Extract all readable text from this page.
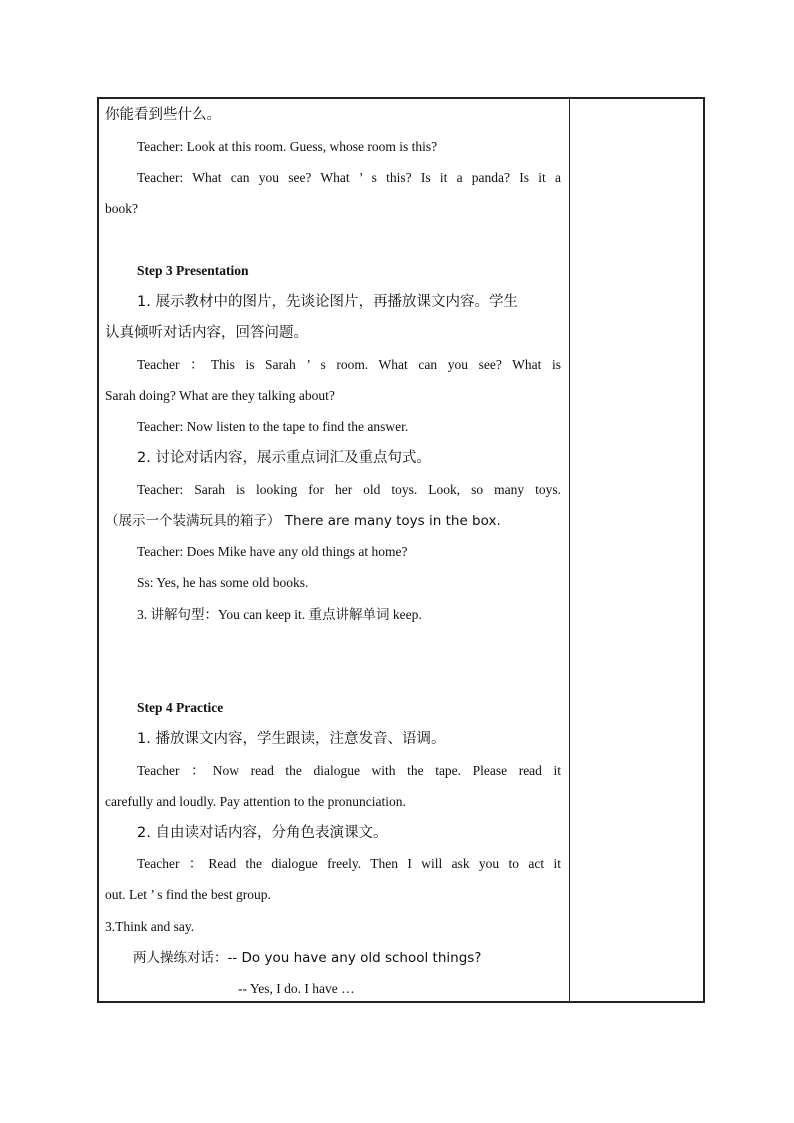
你能看到些什么。
Teacher: Look at this room. Guess, whose room is this?
Teacher: What can you see? What ’ s this? Is it a panda? Is it a
book?
Step 3 Presentation
1. 展示教材中的图片，先谈论图片，再播放课文内容。学生
认真倾听对话内容，回答问题。
Teacher ：This is Sarah ’ s room. What can you see? What is
Sarah doing? What are they talking about?
Teacher: Now listen to the tape to find the answer.
2. 讨论对话内容，展示重点词汇及重点句式。
Teacher: Sarah is looking for her old toys. Look, so many toys.
（展示一个装满玩具的箱子） There are many toys in the box.
Teacher: Does Mike have any old things at home?
Ss: Yes, he has some old books.
3. 讲解句型：You can keep it. 重点讲解单词 keep.
Step 4 Practice
1. 播放课文内容，学生跟读，注意发音、语调。
Teacher ：Now read the dialogue with the tape. Please read it
carefully and loudly. Pay attention to the pronunciation.
2. 自由读对话内容，分角色表演课文。
Teacher ：Read the dialogue freely. Then I will ask you to act it
out. Let ’ s find the best group.
3.Think and say.
两人操练对话：-- Do you have any old school things?
-- Yes, I do. I have …
